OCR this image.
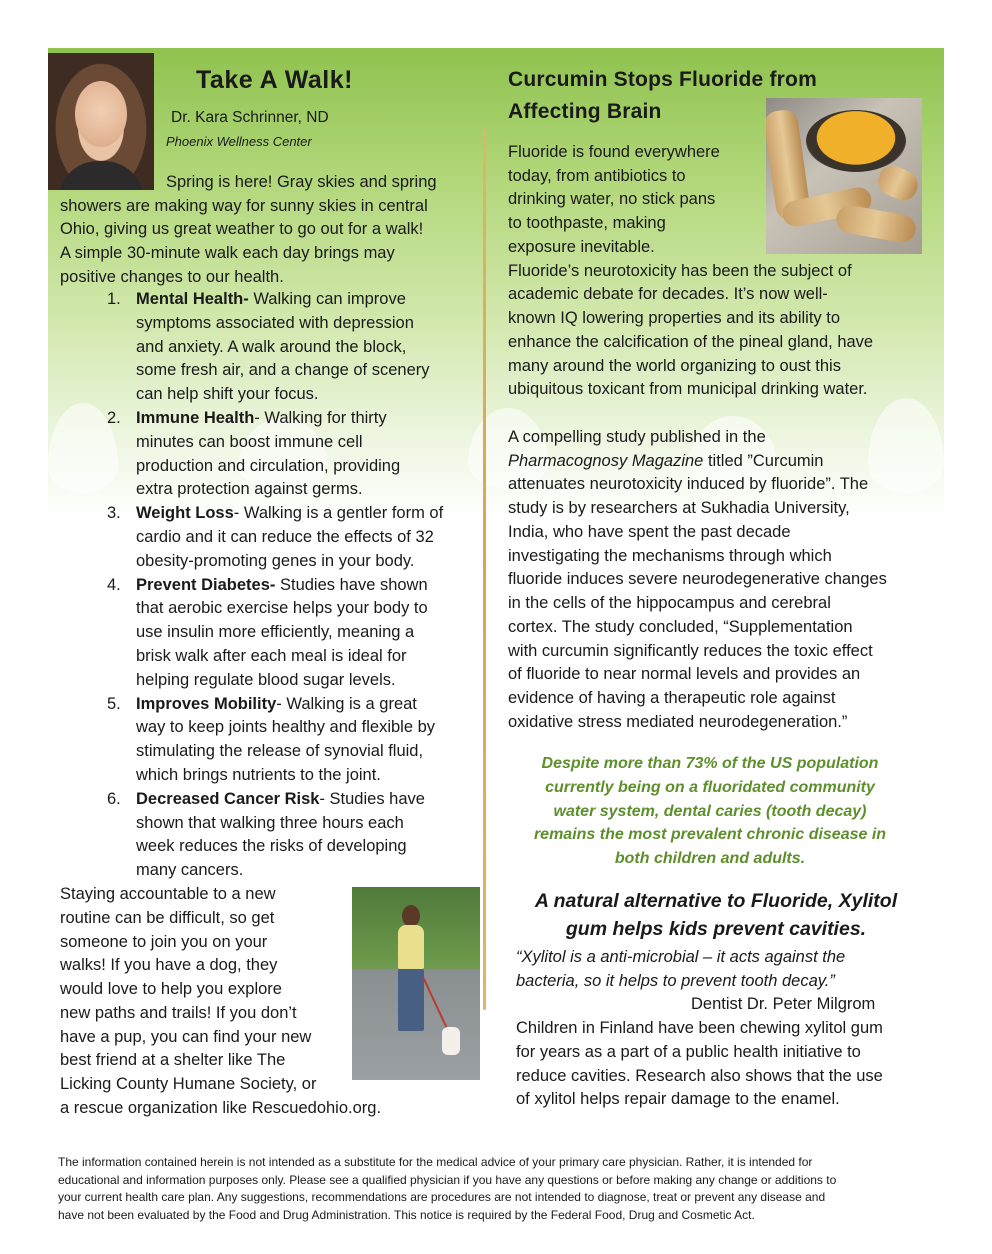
Take A Walk!

Dr. Kara Schrinner, ND

Phoenix Wellness Center

Spring is here! Gray skies and spring

showers are making way for sunny skies in central

Ohio, giving us great weather to go out for a walk!

A simple 30-minute walk each day brings may

positive changes to our health.

1. Mental Health- Walking can improve
symptoms associated with depression
and anxiety. A walk around the block,
some fresh air, and a change of scenery
can help shift your focus.
2. Immune Health- Walking for thirty
minutes can boost immune cell
production and circulation, providing
extra protection against germs.
3. Weight Loss- Walking is a gentler form of
cardio and it can reduce the effects of 32
obesity-promoting genes in your body.
4. Prevent Diabetes- Studies have shown
that aerobic exercise helps your body to
use insulin more efficiently, meaning a
brisk walk after each meal is ideal for
helping regulate blood sugar levels.
5. Improves Mobility- Walking is a great
way to keep joints healthy and flexible by
stimulating the release of synovial fluid,
which brings nutrients to the joint.
6. Decreased Cancer Risk- Studies have
shown that walking three hours each
week reduces the risks of developing
many cancers.

Staying accountable to a new

routine can be difficult, so get

someone to join you on your

walks! If you have a dog, they

would love to help you explore

new paths and trails! If you don’t

have a pup, you can find your new

best friend at a shelter like The

Licking County Humane Society, or

a rescue organization like Rescuedohio.org.

Curcumin Stops Fluoride from
Affecting Brain

Fluoride is found everywhere

today, from antibiotics to

drinking water, no stick pans

to toothpaste, making

exposure inevitable.

Fluoride’s neurotoxicity has been the subject of

academic debate for decades. It’s now well-

known IQ lowering properties and its ability to

enhance the calcification of the pineal gland, have

many around the world organizing to oust this

ubiquitous toxicant from municipal drinking water.

A compelling study published in the

Pharmacognosy Magazine titled ”Curcumin

attenuates neurotoxicity induced by fluoride”. The

study is by researchers at Sukhadia University,

India, who have spent the past decade

investigating the mechanisms through which

fluoride induces severe neurodegenerative changes

in the cells of the hippocampus and cerebral

cortex. The study concluded, “Supplementation

with curcumin significantly reduces the toxic effect

of fluoride to near normal levels and provides an

evidence of having a therapeutic role against

oxidative stress mediated neurodegeneration.”

Despite more than 73% of the US population
currently being on a fluoridated community
water system, dental caries (tooth decay)
remains the most prevalent chronic disease in
both children and adults.
A natural alternative to Fluoride, Xylitol
gum helps kids prevent cavities.

“Xylitol is a anti-microbial – it acts against the

bacteria, so it helps to prevent tooth decay.”

Dentist Dr. Peter Milgrom

Children in Finland have been chewing xylitol gum

for years as a part of a public health initiative to

reduce cavities. Research also shows that the use

of xylitol helps repair damage to the enamel.

The information contained herein is not intended as a substitute for the medical advice of your primary care physician. Rather, it is intended for
educational and information purposes only. Please see a qualified physician if you have any questions or before making any change or additions to
your current health care plan. Any suggestions, recommendations are procedures are not intended to diagnose, treat or prevent any disease and
have not been evaluated by the Food and Drug Administration. This notice is required by the Federal Food, Drug and Cosmetic Act.
